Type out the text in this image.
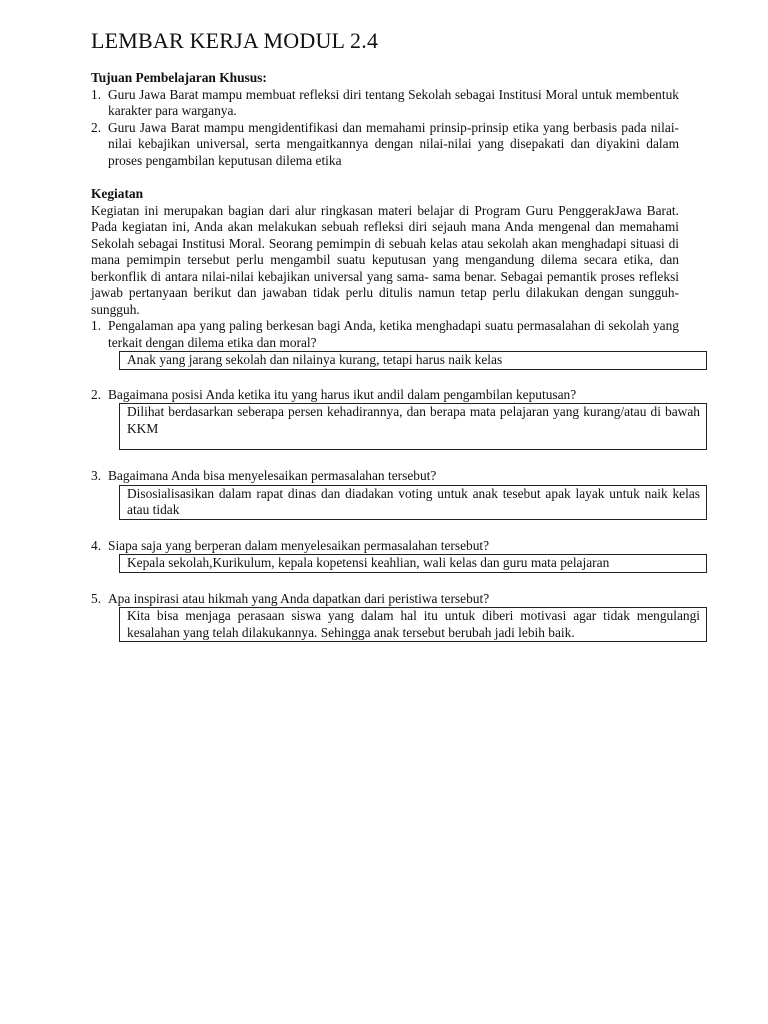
LEMBAR KERJA MODUL 2.4

Tujuan Pembelajaran Khusus:

1. Guru Jawa Barat mampu membuat refleksi diri tentang Sekolah sebagai Institusi Moral untuk membentuk karakter para warganya.
2. Guru Jawa Barat mampu mengidentifikasi dan memahami prinsip-prinsip etika yang berbasis pada nilai-nilai kebajikan universal, serta mengaitkannya dengan nilai-nilai yang disepakati dan diyakini dalam proses pengambilan keputusan dilema etika

Kegiatan

Kegiatan ini merupakan bagian dari alur ringkasan materi belajar di Program Guru PenggerakJawa Barat. Pada kegiatan ini, Anda akan melakukan sebuah refleksi diri sejauh mana Anda mengenal dan memahami Sekolah sebagai Institusi Moral. Seorang pemimpin di sebuah kelas atau sekolah akan menghadapi situasi di mana pemimpin tersebut perlu mengambil suatu keputusan yang mengandung dilema secara etika, dan berkonflik di antara nilai-nilai kebajikan universal yang sama- sama benar. Sebagai pemantik proses refleksi jawab pertanyaan berikut dan jawaban tidak perlu ditulis namun tetap perlu dilakukan dengan sungguh-sungguh.

1. Pengalaman apa yang paling berkesan bagi Anda, ketika menghadapi suatu permasalahan di sekolah yang terkait dengan dilema etika dan moral?
Anak yang jarang sekolah dan nilainya kurang, tetapi harus naik kelas
2. Bagaimana posisi Anda ketika itu yang harus ikut andil dalam pengambilan keputusan?
Dilihat berdasarkan seberapa persen kehadirannya, dan berapa mata pelajaran yang kurang/atau di bawah KKM
3. Bagaimana Anda bisa menyelesaikan permasalahan tersebut?
Disosialisasikan dalam rapat dinas dan diadakan voting untuk anak tesebut apak layak untuk naik kelas atau tidak
4. Siapa saja yang berperan dalam menyelesaikan permasalahan tersebut?
Kepala sekolah,Kurikulum, kepala kopetensi keahlian, wali kelas dan guru mata pelajaran
5. Apa inspirasi atau hikmah yang Anda dapatkan dari peristiwa tersebut?
Kita bisa menjaga perasaan siswa yang dalam hal itu untuk diberi motivasi agar tidak mengulangi kesalahan yang telah dilakukannya. Sehingga anak tersebut berubah jadi lebih baik.
